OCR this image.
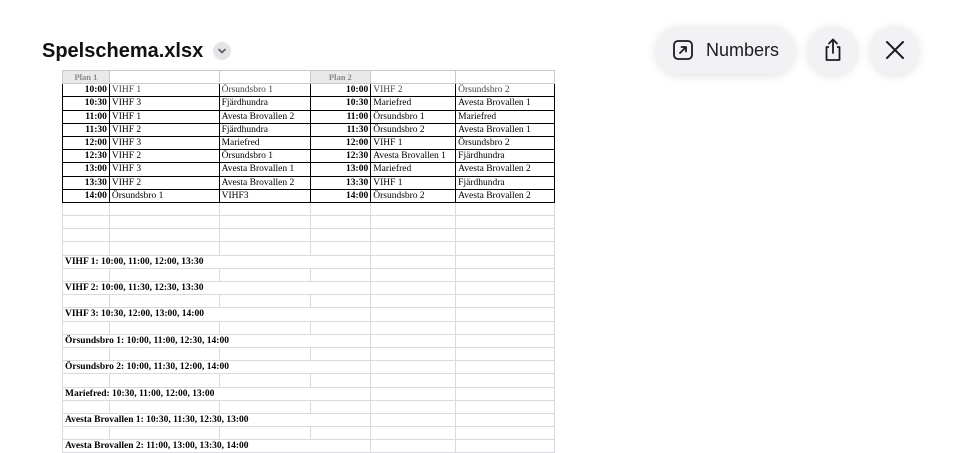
Spelschema.xlsx	Numbers
Plan 1			Plan 2		
10:00	VIHF 1	Örsundsbro 1	10:00	VIHF 2	Örsundsbro 2
10:30	VIHF 3	Fjärdhundra	10:30	Mariefred	Avesta Brovallen 1
11:00	VIHF 1	Avesta Brovallen 2	11:00	Örsundsbro 1	Mariefred
11:30	VIHF 2	Fjärdhundra	11:30	Örsundsbro 2	Avesta Brovallen 1
12:00	VIHF 3	Mariefred	12:00	VIHF 1	Örsundsbro 2
12:30	VIHF 2	Örsundsbro 1	12:30	Avesta Brovallen 1	Fjärdhundra
13:00	VIHF 3	Avesta Brovallen 1	13:00	Mariefred	Avesta Brovallen 2
13:30	VIHF 2	Avesta Brovallen 2	13:30	VIHF 1	Fjärdhundra
14:00	Örsundsbro 1	VIHF3	14:00	Örsundsbro 2	Avesta Brovallen 2

VIHF 1: 10:00, 11:00, 12:00, 13:30					

VIHF 2: 10:00, 11:30, 12:30, 13:30					

VIHF 3: 10:30, 12:00, 13:00, 14:00					

Örsundsbro 1: 10:00, 11:00, 12:30, 14:00					

Örsundsbro 2: 10:00, 11:30, 12:00, 14:00					

Mariefred: 10:30, 11:00, 12:00, 13:00					

Avesta Brovallen 1: 10:30, 11:30, 12:30, 13:00					

Avesta Brovallen 2: 11:00, 13:00, 13:30, 14:00					
